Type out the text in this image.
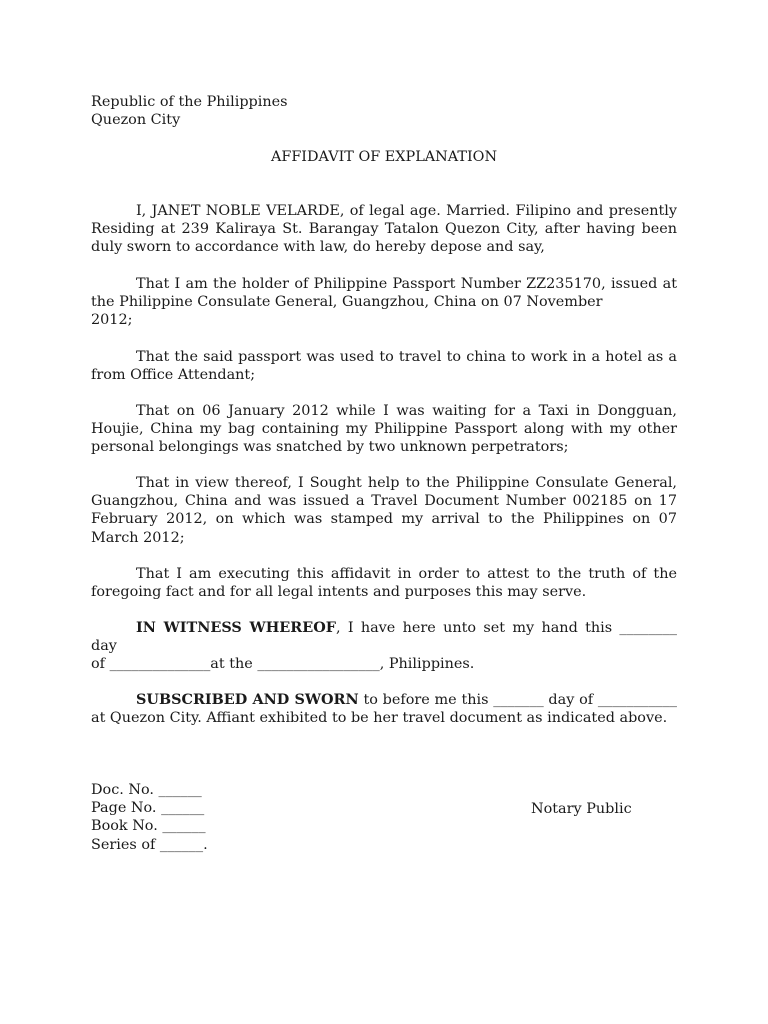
Republic of the Philippines
Quezon City
AFFIDAVIT OF EXPLANATION
I, JANET NOBLE VELARDE, of legal age. Married. Filipino and presently
Residing at 239 Kaliraya St. Barangay Tatalon Quezon City, after having been
duly sworn to accordance with law, do hereby depose and say,
That I am the holder of Philippine Passport Number ZZ235170, issued at
the Philippine Consulate General, Guangzhou, China on 07 November
2012;
That the said passport was used to travel to china to work in a hotel as a
from Office Attendant;
That on 06 January 2012 while I was waiting for a Taxi in Dongguan,
Houjie, China my bag containing my Philippine Passport along with my other
personal belongings was snatched by two unknown perpetrators;
That in view thereof, I Sought help to the Philippine Consulate General,
Guangzhou, China and was issued a Travel Document Number 002185 on 17
February 2012, on which was stamped my arrival to the Philippines on 07
March 2012;
That I am executing this affidavit in order to attest to the truth of the
foregoing fact and for all legal intents and purposes this may serve.
IN WITNESS WHEREOF, I have here unto set my hand this ________ day
of ______________at the _________________, Philippines.
SUBSCRIBED AND SWORN to before me this _______ day of ___________
at Quezon City. Affiant exhibited to be her travel document as indicated above.
Doc. No. ______
Page No. ______
Book No. ______
Series of ______.
Notary Public
